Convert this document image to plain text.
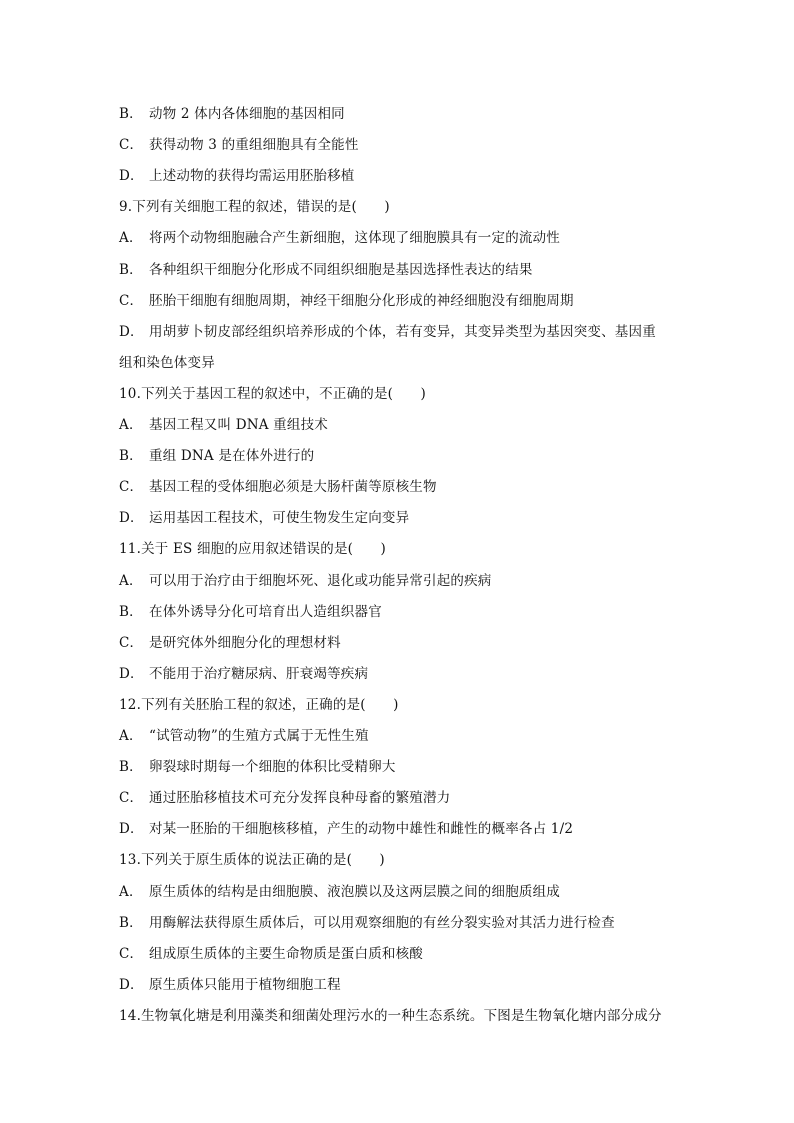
B． 动物 2 体内各体细胞的基因相同
C． 获得动物 3 的重组细胞具有全能性
D． 上述动物的获得均需运用胚胎移植
9.下列有关细胞工程的叙述，错误的是(　　)
A． 将两个动物细胞融合产生新细胞，这体现了细胞膜具有一定的流动性
B． 各种组织干细胞分化形成不同组织细胞是基因选择性表达的结果
C． 胚胎干细胞有细胞周期，神经干细胞分化形成的神经细胞没有细胞周期
D． 用胡萝卜韧皮部经组织培养形成的个体，若有变异，其变异类型为基因突变、基因重
组和染色体变异
10.下列关于基因工程的叙述中，不正确的是(　　)
A． 基因工程又叫 DNA 重组技术
B． 重组 DNA 是在体外进行的
C． 基因工程的受体细胞必须是大肠杆菌等原核生物
D． 运用基因工程技术，可使生物发生定向变异
11.关于 ES 细胞的应用叙述错误的是(　　)
A． 可以用于治疗由于细胞坏死、退化或功能异常引起的疾病
B． 在体外诱导分化可培育出人造组织器官
C． 是研究体外细胞分化的理想材料
D． 不能用于治疗糖尿病、肝衰竭等疾病
12.下列有关胚胎工程的叙述，正确的是(　　)
A． “试管动物”的生殖方式属于无性生殖
B． 卵裂球时期每一个细胞的体积比受精卵大
C． 通过胚胎移植技术可充分发挥良种母畜的繁殖潜力
D． 对某一胚胎的干细胞核移植，产生的动物中雄性和雌性的概率各占 1/2
13.下列关于原生质体的说法正确的是(　　)
A． 原生质体的结构是由细胞膜、液泡膜以及这两层膜之间的细胞质组成
B． 用酶解法获得原生质体后，可以用观察细胞的有丝分裂实验对其活力进行检查
C． 组成原生质体的主要生命物质是蛋白质和核酸
D． 原生质体只能用于植物细胞工程
14.生物氧化塘是利用藻类和细菌处理污水的一种生态系统。下图是生物氧化塘内部分成分
